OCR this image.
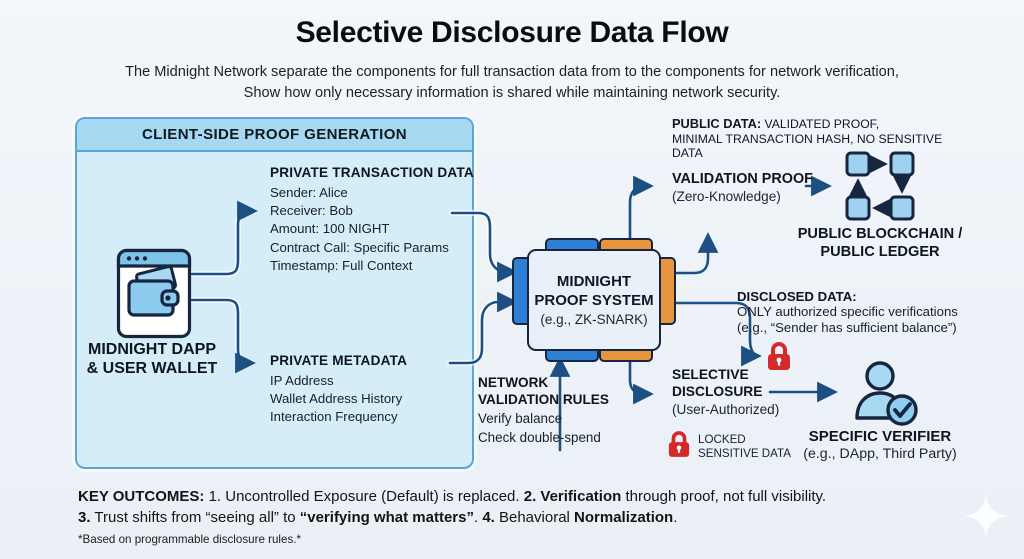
Selective Disclosure Data Flow
The Midnight Network separate the components for full transaction data from to the components for network verification,
Show how only necessary information is shared while maintaining network security.
CLIENT-SIDE PROOF GENERATION
PRIVATE TRANSACTION DATA
Sender: Alice
Receiver: Bob
Amount: 100 NIGHT
Contract Call: Specific Params
Timestamp: Full Context
PRIVATE METADATA
IP Address
Wallet Address History
Interaction Frequency
MIDNIGHT DAPP
& USER WALLET
MIDNIGHT
PROOF SYSTEM
(e.g., ZK-SNARK)
NETWORK
VALIDATION RULES
Verify balance
Check double-spend
PUBLIC DATA: VALIDATED PROOF,
MINIMAL TRANSACTION HASH, NO SENSITIVE DATA
VALIDATION PROOF
(Zero-Knowledge)
PUBLIC BLOCKCHAIN /
PUBLIC LEDGER
DISCLOSED DATA:
ONLY authorized specific verifications
(e.g., “Sender has sufficient balance”)
SELECTIVE
DISCLOSURE
(User-Authorized)
LOCKED
SENSITIVE DATA
SPECIFIC VERIFIER
(e.g., DApp, Third Party)
KEY OUTCOMES: 1. Uncontrolled Exposure (Default) is replaced. 2. Verification through proof, not full visibility.
3. Trust shifts from “seeing all” to “verifying what matters”. 4. Behavioral Normalization.
*Based on programmable disclosure rules.*
